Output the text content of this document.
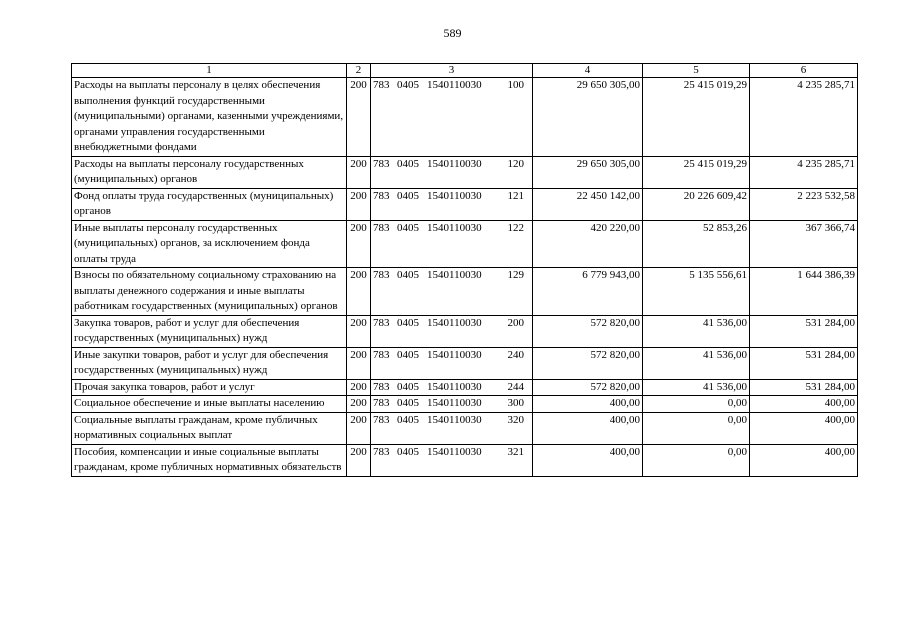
589
1	2	3	4	5	6
Расходы на выплаты персоналу в целях обеспечения выполнения функций государственными (муниципальными) органами, казенными учреждениями, органами управления государственными внебюджетными фондами	200	783 0405 1540110030 100	29 650 305,00	25 415 019,29	4 235 285,71
Расходы на выплаты персоналу государственных (муниципальных) органов	200	783 0405 1540110030 120	29 650 305,00	25 415 019,29	4 235 285,71
Фонд оплаты труда государственных (муниципальных) органов	200	783 0405 1540110030 121	22 450 142,00	20 226 609,42	2 223 532,58
Иные выплаты персоналу государственных (муниципальных) органов, за исключением фонда оплаты труда	200	783 0405 1540110030 122	420 220,00	52 853,26	367 366,74
Взносы по обязательному социальному страхованию на выплаты денежного содержания и иные выплаты работникам государственных (муниципальных) органов	200	783 0405 1540110030 129	6 779 943,00	5 135 556,61	1 644 386,39
Закупка товаров, работ и услуг для обеспечения государственных (муниципальных) нужд	200	783 0405 1540110030 200	572 820,00	41 536,00	531 284,00
Иные закупки товаров, работ и услуг для обеспечения государственных (муниципальных) нужд	200	783 0405 1540110030 240	572 820,00	41 536,00	531 284,00
Прочая закупка товаров, работ и услуг	200	783 0405 1540110030 244	572 820,00	41 536,00	531 284,00
Социальное обеспечение и иные выплаты населению	200	783 0405 1540110030 300	400,00	0,00	400,00
Социальные выплаты гражданам, кроме публичных нормативных социальных выплат	200	783 0405 1540110030 320	400,00	0,00	400,00
Пособия, компенсации и иные социальные выплаты гражданам, кроме публичных нормативных обязательств	200	783 0405 1540110030 321	400,00	0,00	400,00
